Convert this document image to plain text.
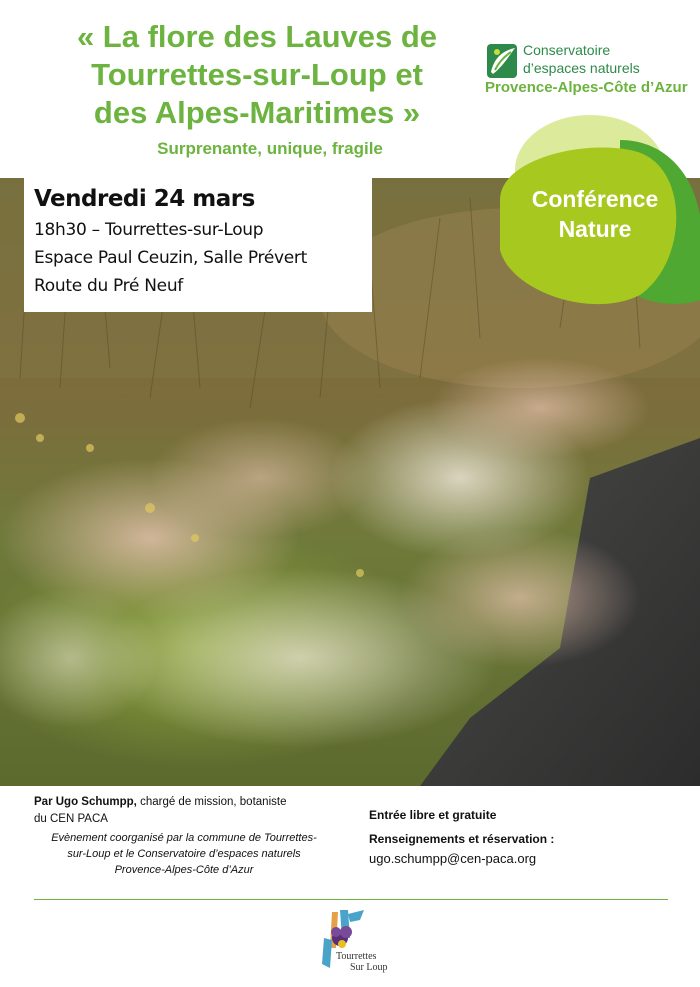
« La flore des Lauves de
Tourrettes-sur-Loup et
des Alpes-Maritimes »
Surprenante, unique, fragile
Conservatoire
d’espaces naturels
Provence-Alpes-Côte d’Azur
Conférence
Nature
Vendredi 24 mars
18h30 – Tourrettes-sur-Loup
Espace Paul Ceuzin, Salle Prévert
Route du Pré Neuf
Par Ugo Schumpp, chargé de mission, botaniste
du CEN PACA
Evènement coorganisé par la commune de Tourrettes-
sur-Loup et le Conservatoire d’espaces naturels
Provence-Alpes-Côte d’Azur
Entrée libre et gratuite
Renseignements et réservation :
ugo.schumpp@cen-paca.org
Tourrettes
Sur Loup
